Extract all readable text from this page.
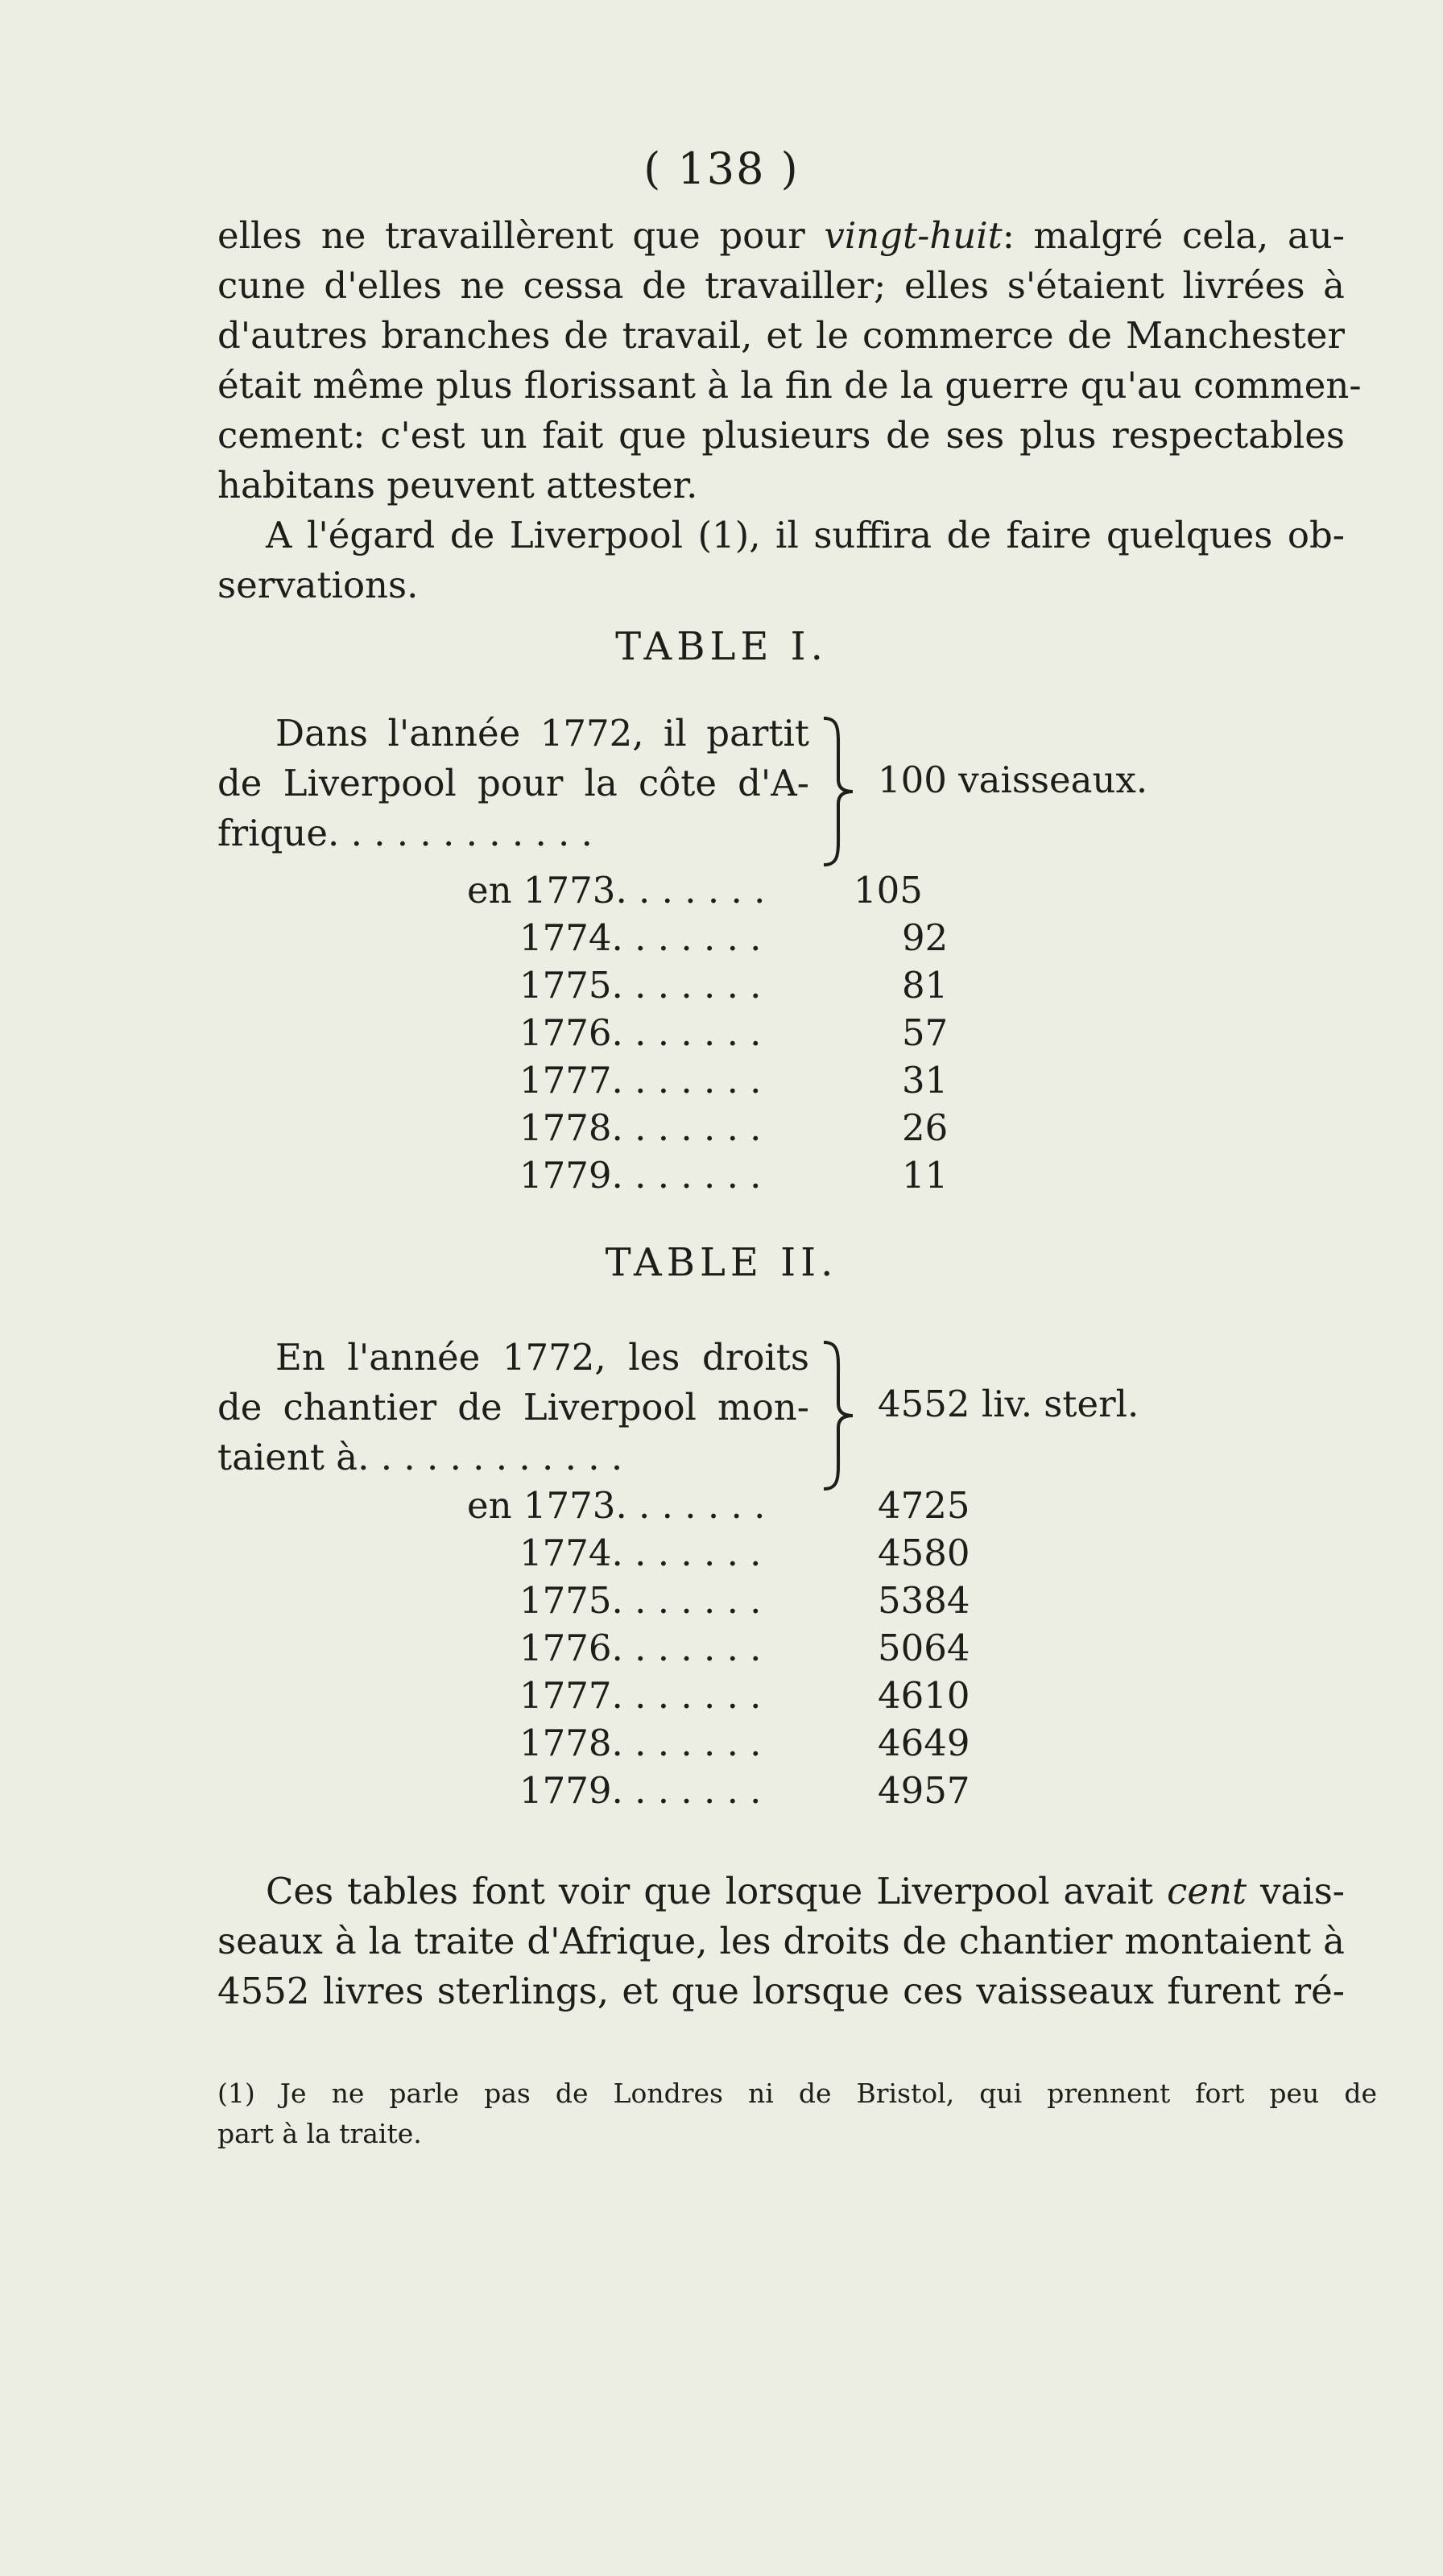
( 138 )
elles ne travaillèrent que pour vingt-huit: malgré cela, au-
cune d'elles ne cessa de travailler; elles s'étaient livrées à
d'autres branches de travail, et le commerce de Manchester
était même plus florissant à la fin de la guerre qu'au commen-
cement: c'est un fait que plusieurs de ses plus respectables
habitans peuvent attester.
A l'égard de Liverpool (1), il suffira de faire quelques ob-
servations.
TABLE I.
Dans l'année 1772, il partit
de Liverpool pour la côte d'A-
frique. . . . . . . . . . . .
100 vaisseaux.
en 1773. . . . . . .	105
1774. . . . . . .	92
1775. . . . . . .	81
1776. . . . . . .	57
1777. . . . . . .	31
1778. . . . . . .	26
1779. . . . . . .	11
TABLE II.
En l'année 1772, les droits
de chantier de Liverpool mon-
taient à. . . . . . . . . . . .
4552 liv. sterl.
en 1773. . . . . . .	4725
1774. . . . . . .	4580
1775. . . . . . .	5384
1776. . . . . . .	5064
1777. . . . . . .	4610
1778. . . . . . .	4649
1779. . . . . . .	4957
Ces tables font voir que lorsque Liverpool avait cent vais-
seaux à la traite d'Afrique, les droits de chantier montaient à
4552 livres sterlings, et que lorsque ces vaisseaux furent ré-
(1) Je ne parle pas de Londres ni de Bristol, qui prennent fort peu de
part à la traite.
